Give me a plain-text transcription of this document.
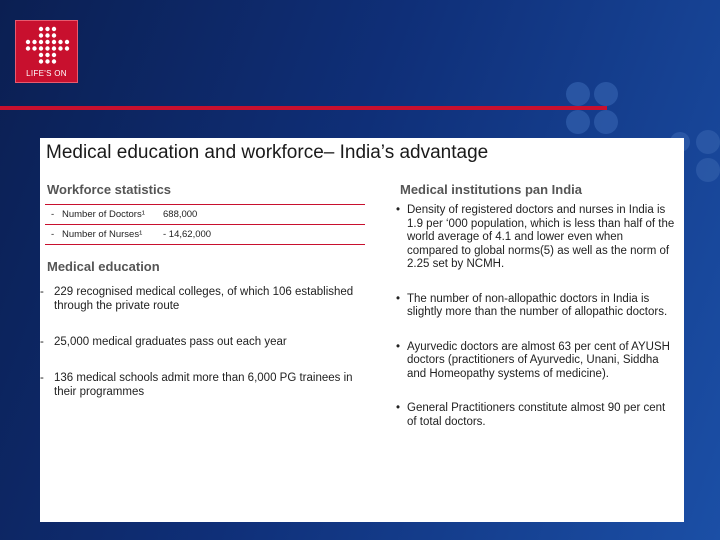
LIFE'S ON
Medical education and workforce– India’s advantage
Workforce statistics
- Number of Doctors¹ 688,000
- Number of Nurses¹ - 14,62,000
Medical education
- 229 recognised medical colleges, of which 106 established through the private route
- 25,000 medical graduates pass out each year
- 136 medical schools admit more than 6,000 PG trainees in their programmes
Medical institutions pan India
• Density of registered doctors and nurses in India is 1.9 per ‘000 population, which is less than half of the world average of 4.1 and lower even when compared to global norms(5) as well as the norm of 2.25 set by NCMH.
• The number of non-allopathic doctors in India is slightly more than the number of allopathic doctors.
• Ayurvedic doctors are almost 63 per cent of AYUSH doctors (practitioners of Ayurvedic, Unani, Siddha and Homeopathy systems of medicine).
• General Practitioners constitute almost 90 per cent of total doctors.
